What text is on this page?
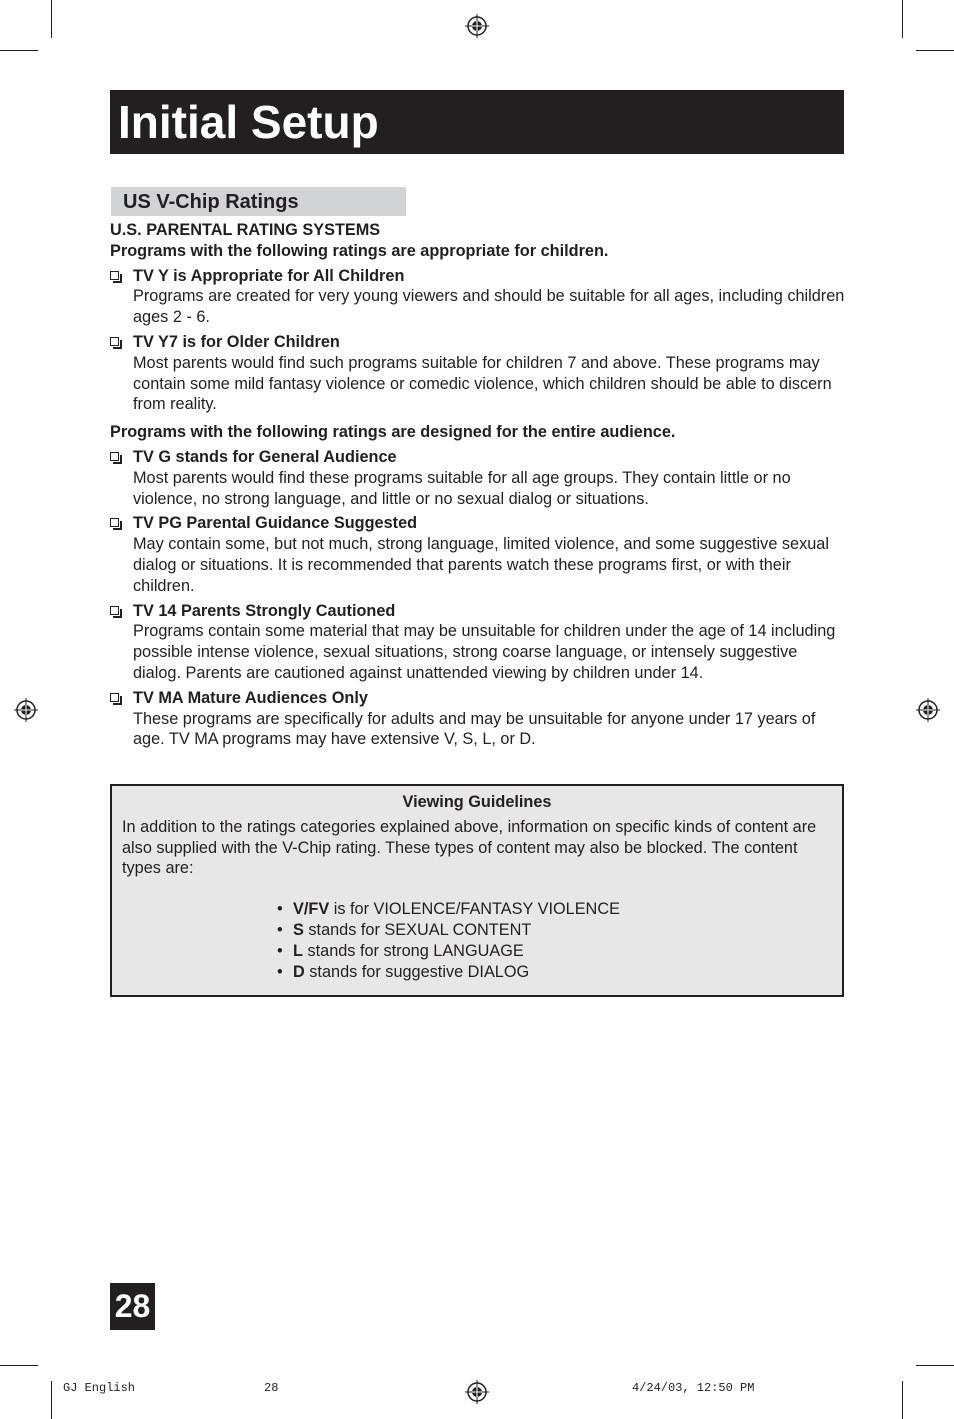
Initial Setup
US V-Chip Ratings
U.S. PARENTAL RATING SYSTEMS
Programs with the following ratings are appropriate for children.
TV Y is Appropriate for All Children
Programs are created for very young viewers and should be suitable for all ages, including children ages 2 - 6.
TV Y7 is for Older Children
Most parents would find such programs suitable for children 7 and above. These programs may contain some mild fantasy violence or comedic violence, which children should be able to discern from reality.
Programs with the following ratings are designed for the entire audience.
TV G stands for General Audience
Most parents would find these programs suitable for all age groups. They contain little or no violence, no strong language, and little or no sexual dialog or situations.
TV PG Parental Guidance Suggested
May contain some, but not much, strong language, limited violence, and some suggestive sexual dialog or situations. It is recommended that parents watch these programs first, or with their children.
TV 14 Parents Strongly Cautioned
Programs contain some material that may be unsuitable for children under the age of 14 including possible intense violence, sexual situations, strong coarse language, or intensely suggestive dialog. Parents are cautioned against unattended viewing by children under 14.
TV MA Mature Audiences Only
These programs are specifically for adults and may be unsuitable for anyone under 17 years of age. TV MA programs may have extensive V, S, L, or D.
Viewing Guidelines
In addition to the ratings categories explained above, information on specific kinds of content are also supplied with the V-Chip rating. These types of content may also be blocked. The content types are:
• V/FV is for VIOLENCE/FANTASY VIOLENCE
• S stands for SEXUAL CONTENT
• L stands for strong LANGUAGE
• D stands for suggestive DIALOG
28
GJ English	28	4/24/03, 12:50 PM
